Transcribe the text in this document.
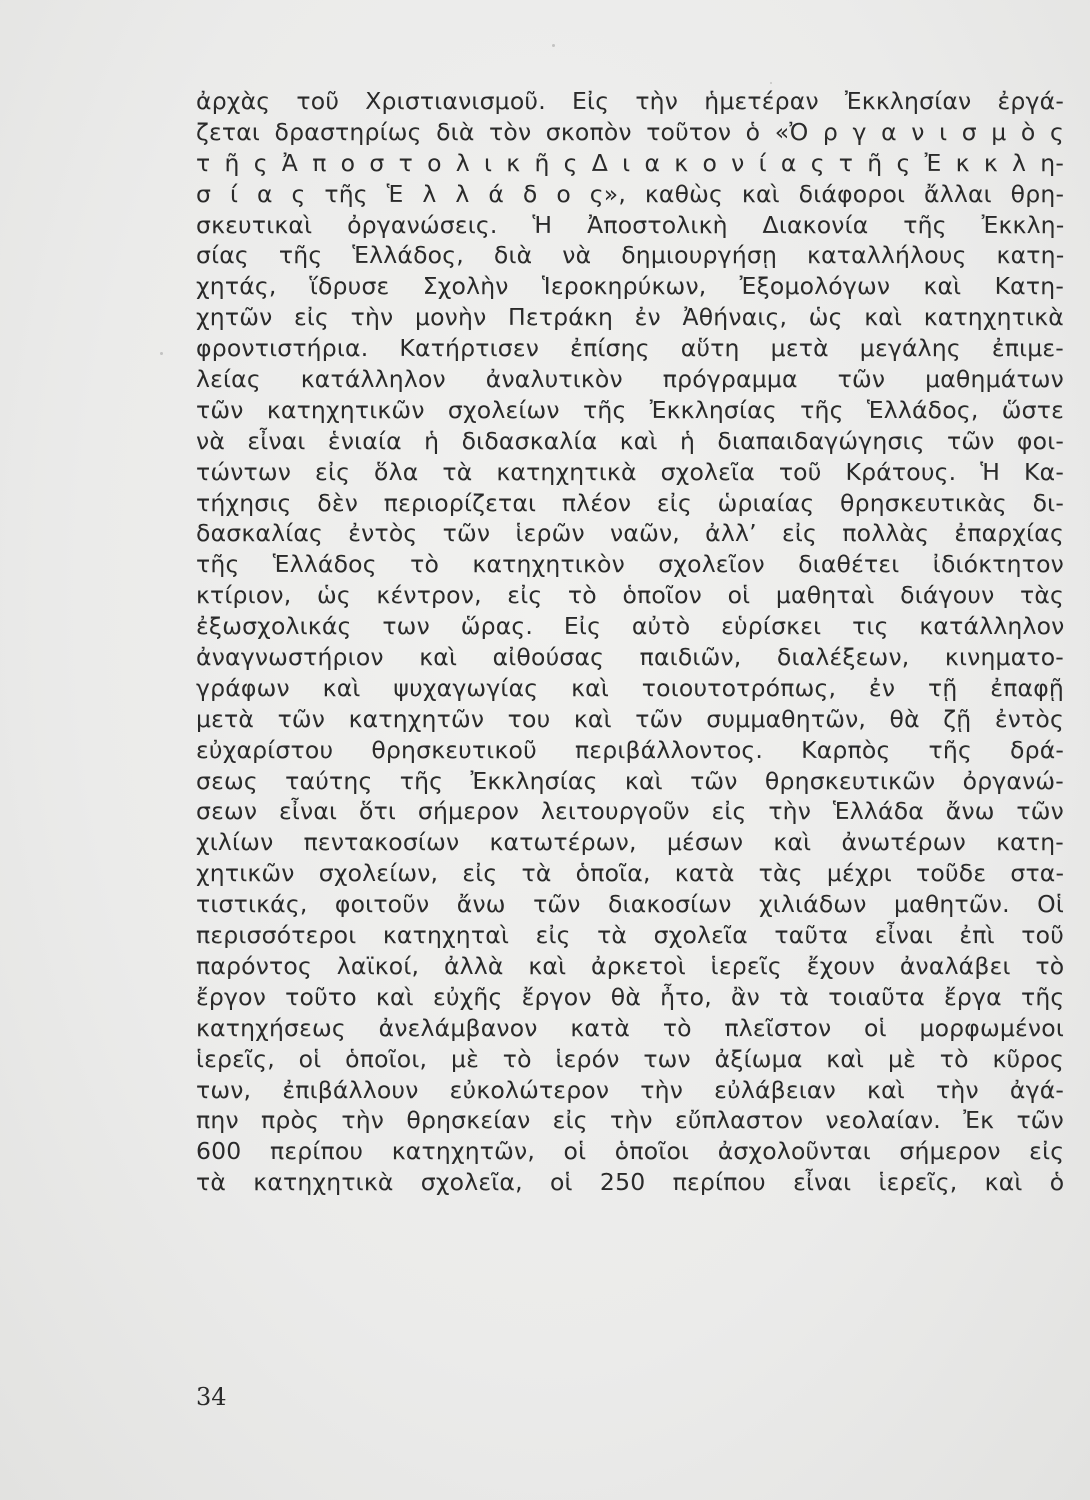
ἀρχὰς τοῦ Χριστιανισμοῦ. Εἰς τὴν ἡμετέραν Ἐκκλησίαν ἐργά-
ζεται δραστηρίως διὰ τὸν σκοπὸν τοῦτον ὁ «Ὀ ρ γ α ν ι σ μ ὸ ς
τ ῆ ς Ἀ π ο σ τ ο λ ι κ ῆ ς Δ ι α κ ο ν ί α ς τ ῆ ς Ἐ κ κ λ η-
σ ί α ς τῆς Ἑ λ λ ά δ ο ς», καθὼς καὶ διάφοροι ἄλλαι θρη-
σκευτικαὶ ὀργανώσεις. Ἡ Ἀποστολικὴ Διακονία τῆς Ἐκκλη-
σίας τῆς Ἑλλάδος, διὰ νὰ δημιουργήσῃ καταλλήλους κατη-
χητάς, ἵδρυσε Σχολὴν Ἱεροκηρύκων, Ἐξομολόγων καὶ Κατη-
χητῶν εἰς τὴν μονὴν Πετράκη ἐν Ἀθήναις, ὡς καὶ κατηχητικὰ
φροντιστήρια. Κατήρτισεν ἐπίσης αὕτη μετὰ μεγάλης ἐπιμε-
λείας κατάλληλον ἀναλυτικὸν πρόγραμμα τῶν μαθημάτων
τῶν κατηχητικῶν σχολείων τῆς Ἐκκλησίας τῆς Ἑλλάδος, ὥστε
νὰ εἶναι ἑνιαία ἡ διδασκαλία καὶ ἡ διαπαιδαγώγησις τῶν φοι-
τώντων εἰς ὅλα τὰ κατηχητικὰ σχολεῖα τοῦ Κράτους. Ἡ Κα-
τήχησις δὲν περιορίζεται πλέον εἰς ὡριαίας θρησκευτικὰς δι-
δασκαλίας ἐντὸς τῶν ἱερῶν ναῶν, ἀλλ’ εἰς πολλὰς ἐπαρχίας
τῆς Ἑλλάδος τὸ κατηχητικὸν σχολεῖον διαθέτει ἰδιόκτητον
κτίριον, ὡς κέντρον, εἰς τὸ ὁποῖον οἱ μαθηταὶ διάγουν τὰς
ἐξωσχολικάς των ὥρας. Εἰς αὐτὸ εὑρίσκει τις κατάλληλον
ἀναγνωστήριον καὶ αἰθούσας παιδιῶν, διαλέξεων, κινηματο-
γράφων καὶ ψυχαγωγίας καὶ τοιουτοτρόπως, ἐν τῇ ἐπαφῇ
μετὰ τῶν κατηχητῶν του καὶ τῶν συμμαθητῶν, θὰ ζῇ ἐντὸς
εὐχαρίστου θρησκευτικοῦ περιβάλλοντος. Καρπὸς τῆς δρά-
σεως ταύτης τῆς Ἐκκλησίας καὶ τῶν θρησκευτικῶν ὀργανώ-
σεων εἶναι ὅτι σήμερον λειτουργοῦν εἰς τὴν Ἑλλάδα ἄνω τῶν
χιλίων πεντακοσίων κατωτέρων, μέσων καὶ ἀνωτέρων κατη-
χητικῶν σχολείων, εἰς τὰ ὁποῖα, κατὰ τὰς μέχρι τοῦδε στα-
τιστικάς, φοιτοῦν ἄνω τῶν διακοσίων χιλιάδων μαθητῶν. Οἱ
περισσότεροι κατηχηταὶ εἰς τὰ σχολεῖα ταῦτα εἶναι ἐπὶ τοῦ
παρόντος λαϊκοί, ἀλλὰ καὶ ἀρκετοὶ ἱερεῖς ἔχουν ἀναλάβει τὸ
ἔργον τοῦτο καὶ εὐχῆς ἔργον θὰ ἦτο, ἂν τὰ τοιαῦτα ἔργα τῆς
κατηχήσεως ἀνελάμβανον κατὰ τὸ πλεῖστον οἱ μορφωμένοι
ἱερεῖς, οἱ ὁποῖοι, μὲ τὸ ἱερόν των ἀξίωμα καὶ μὲ τὸ κῦρος
των, ἐπιβάλλουν εὐκολώτερον τὴν εὐλάβειαν καὶ τὴν ἀγά-
πην πρὸς τὴν θρησκείαν εἰς τὴν εὔπλαστον νεολαίαν. Ἐκ τῶν
600 περίπου κατηχητῶν, οἱ ὁποῖοι ἀσχολοῦνται σήμερον εἰς
τὰ κατηχητικὰ σχολεῖα, οἱ 250 περίπου εἶναι ἱερεῖς, καὶ ὁ
34
